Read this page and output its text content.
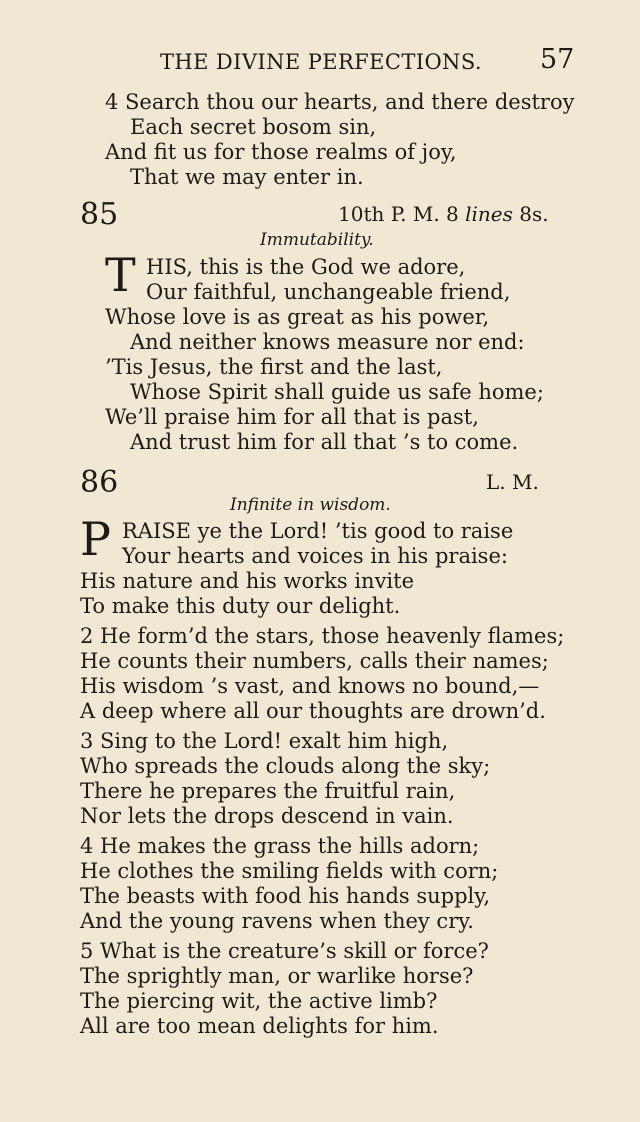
THE DIVINE PERFECTIONS. 57
4 Search thou our hearts, and there destroy
Each secret bosom sin,
And fit us for those realms of joy,
That we may enter in.
85	10th P. M. 8 lines 8s.
Immutability.
T HIS, this is the God we adore,
Our faithful, unchangeable friend,
Whose love is as great as his power,
And neither knows measure nor end:
’Tis Jesus, the first and the last,
Whose Spirit shall guide us safe home;
We’ll praise him for all that is past,
And trust him for all that ’s to come.
86	L. M.
Infinite in wisdom.
P RAISE ye the Lord! ’tis good to raise
Your hearts and voices in his praise:
His nature and his works invite
To make this duty our delight.
2 He form’d the stars, those heavenly flames;
He counts their numbers, calls their names;
His wisdom ’s vast, and knows no bound,—
A deep where all our thoughts are drown’d.
3 Sing to the Lord! exalt him high,
Who spreads the clouds along the sky;
There he prepares the fruitful rain,
Nor lets the drops descend in vain.
4 He makes the grass the hills adorn;
He clothes the smiling fields with corn;
The beasts with food his hands supply,
And the young ravens when they cry.
5 What is the creature’s skill or force?
The sprightly man, or warlike horse?
The piercing wit, the active limb?
All are too mean delights for him.
